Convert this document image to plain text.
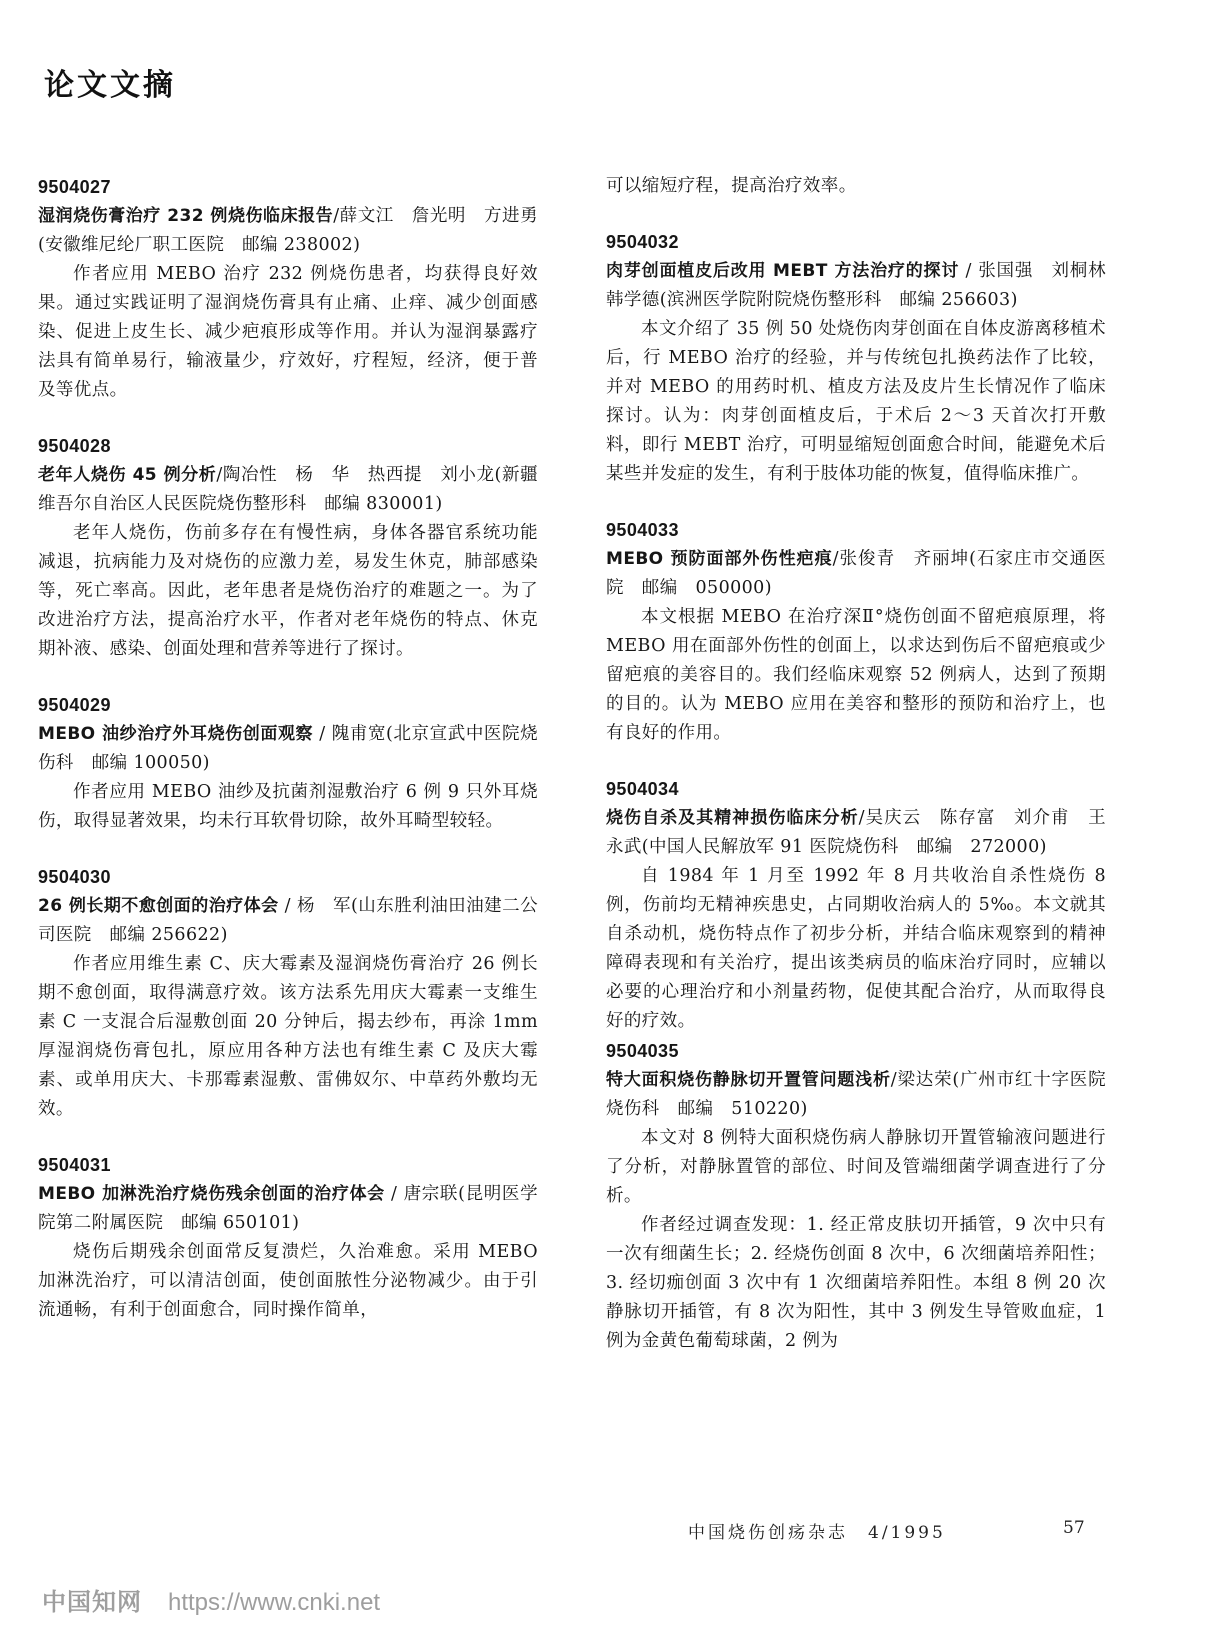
论文文摘

9504027

湿润烧伤膏治疗 232 例烧伤临床报告/薛文江　詹光明　方进勇　(安徽维尼纶厂职工医院　邮编 238002)

作者应用 MEBO 治疗 232 例烧伤患者，均获得良好效果。通过实践证明了湿润烧伤膏具有止痛、止痒、减少创面感染、促进上皮生长、减少疤痕形成等作用。并认为湿润暴露疗法具有简单易行，输液量少，疗效好，疗程短，经济，便于普及等优点。

9504028

老年人烧伤 45 例分析/陶冶性　杨　华　热西提　刘小龙(新疆维吾尔自治区人民医院烧伤整形科　邮编 830001)

老年人烧伤，伤前多存在有慢性病，身体各器官系统功能减退，抗病能力及对烧伤的应激力差，易发生休克，肺部感染等，死亡率高。因此，老年患者是烧伤治疗的难题之一。为了改进治疗方法，提高治疗水平，作者对老年烧伤的特点、休克期补液、感染、创面处理和营养等进行了探讨。

9504029

MEBO 油纱治疗外耳烧伤创面观察 / 隗甫宽(北京宣武中医院烧伤科　邮编 100050)

作者应用 MEBO 油纱及抗菌剂湿敷治疗 6 例 9 只外耳烧伤，取得显著效果，均未行耳软骨切除，故外耳畸型较轻。

9504030

26 例长期不愈创面的治疗体会 / 杨　军(山东胜利油田油建二公司医院　邮编 256622)

作者应用维生素 C、庆大霉素及湿润烧伤膏治疗 26 例长期不愈创面，取得满意疗效。该方法系先用庆大霉素一支维生素 C 一支混合后湿敷创面 20 分钟后，揭去纱布，再涂 1mm 厚湿润烧伤膏包扎，原应用各种方法也有维生素 C 及庆大霉素、或单用庆大、卡那霉素湿敷、雷佛奴尔、中草药外敷均无效。

9504031

MEBO 加淋洗治疗烧伤残余创面的治疗体会 / 唐宗联(昆明医学院第二附属医院　邮编 650101)

烧伤后期残余创面常反复溃烂，久治难愈。采用 MEBO 加淋洗治疗，可以清洁创面，使创面脓性分泌物减少。由于引流通畅，有利于创面愈合，同时操作简单，

可以缩短疗程，提高治疗效率。

9504032

肉芽创面植皮后改用 MEBT 方法治疗的探讨 / 张国强　刘桐林　韩学德(滨洲医学院附院烧伤整形科　邮编 256603)

本文介绍了 35 例 50 处烧伤肉芽创面在自体皮游离移植术后，行 MEBO 治疗的经验，并与传统包扎换药法作了比较，并对 MEBO 的用药时机、植皮方法及皮片生长情况作了临床探讨。认为：肉芽创面植皮后，于术后 2～3 天首次打开敷料，即行 MEBT 治疗，可明显缩短创面愈合时间，能避免术后某些并发症的发生，有利于肢体功能的恢复，值得临床推广。

9504033

MEBO 预防面部外伤性疤痕/张俊青　齐丽坤(石家庄市交通医院　邮编　050000)

本文根据 MEBO 在治疗深Ⅱ°烧伤创面不留疤痕原理，将 MEBO 用在面部外伤性的创面上，以求达到伤后不留疤痕或少留疤痕的美容目的。我们经临床观察 52 例病人，达到了预期的目的。认为 MEBO 应用在美容和整形的预防和治疗上，也有良好的作用。

9504034

烧伤自杀及其精神损伤临床分析/吴庆云　陈存富　刘介甫　王永武(中国人民解放军 91 医院烧伤科　邮编　272000)

自 1984 年 1 月至 1992 年 8 月共收治自杀性烧伤 8 例，伤前均无精神疾患史，占同期收治病人的 5‰。本文就其自杀动机，烧伤特点作了初步分析，并结合临床观察到的精神障碍表现和有关治疗，提出该类病员的临床治疗同时，应辅以必要的心理治疗和小剂量药物，促使其配合治疗，从而取得良好的疗效。

9504035

特大面积烧伤静脉切开置管问题浅析/梁达荣(广州市红十字医院烧伤科　邮编　510220)

本文对 8 例特大面积烧伤病人静脉切开置管输液问题进行了分析，对静脉置管的部位、时间及管端细菌学调查进行了分析。

作者经过调查发现：1. 经正常皮肤切开插管，9 次中只有一次有细菌生长；2. 经烧伤创面 8 次中，6 次细菌培养阳性；3. 经切痂创面 3 次中有 1 次细菌培养阳性。本组 8 例 20 次静脉切开插管，有 8 次为阳性，其中 3 例发生导管败血症，1 例为金黄色葡萄球菌，2 例为

中国烧伤创疡杂志　4/1995	57
中国知网 https://www.cnki.net
